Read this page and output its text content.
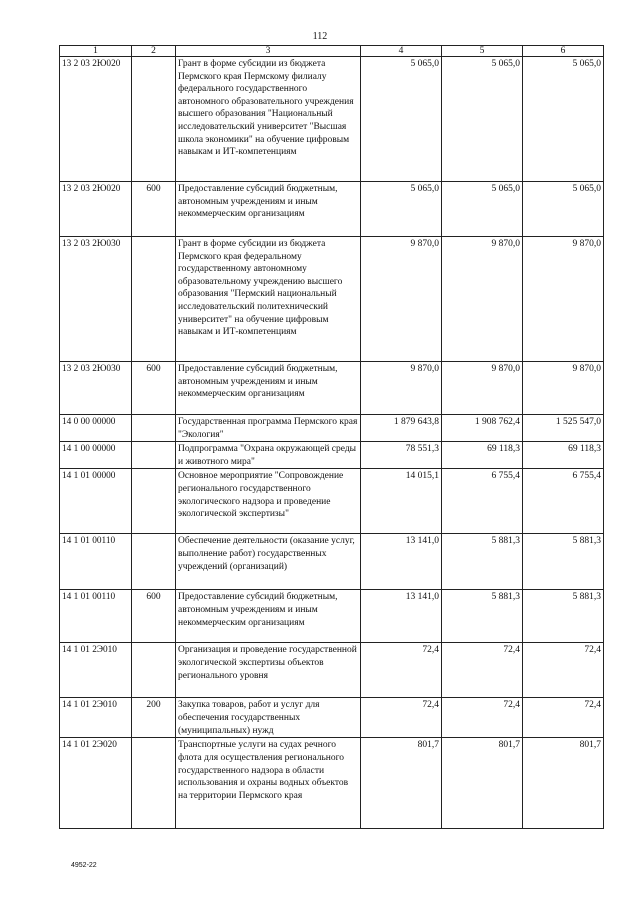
112
1	2	3	4	5	6
13 2 03 2Ю020		Грант в форме субсидии из бюджета Пермского края Пермскому филиалу федерального государственного автономного образовательного учреждения высшего образования "Национальный исследовательский университет "Высшая школа экономики" на обучение цифровым навыкам и ИТ-компетенциям	5 065,0	5 065,0	5 065,0
13 2 03 2Ю020	600	Предоставление субсидий бюджетным, автономным учреждениям и иным некоммерческим организациям	5 065,0	5 065,0	5 065,0
13 2 03 2Ю030		Грант в форме субсидии из бюджета Пермского края федеральному государственному автономному образовательному учреждению высшего образования "Пермский национальный исследовательский политехнический университет" на обучение цифровым навыкам и ИТ-компетенциям	9 870,0	9 870,0	9 870,0
13 2 03 2Ю030	600	Предоставление субсидий бюджетным, автономным учреждениям и иным некоммерческим организациям	9 870,0	9 870,0	9 870,0
14 0 00 00000		Государственная программа Пермского края "Экология"	1 879 643,8	1 908 762,4	1 525 547,0
14 1 00 00000		Подпрограмма "Охрана окружающей среды и животного мира"	78 551,3	69 118,3	69 118,3
14 1 01 00000		Основное мероприятие "Сопровождение регионального государственного экологического надзора и проведение экологической экспертизы"	14 015,1	6 755,4	6 755,4
14 1 01 00110		Обеспечение деятельности (оказание услуг, выполнение работ) государственных учреждений (организаций)	13 141,0	5 881,3	5 881,3
14 1 01 00110	600	Предоставление субсидий бюджетным, автономным учреждениям и иным некоммерческим организациям	13 141,0	5 881,3	5 881,3
14 1 01 2Э010		Организация и проведение государственной экологической экспертизы объектов регионального уровня	72,4	72,4	72,4
14 1 01 2Э010	200	Закупка товаров, работ и услуг для обеспечения государственных (муниципальных) нужд	72,4	72,4	72,4
14 1 01 2Э020		Транспортные услуги на судах речного флота для осуществления регионального государственного надзора в области использования и охраны водных объектов на территории Пермского края	801,7	801,7	801,7
4952-22
